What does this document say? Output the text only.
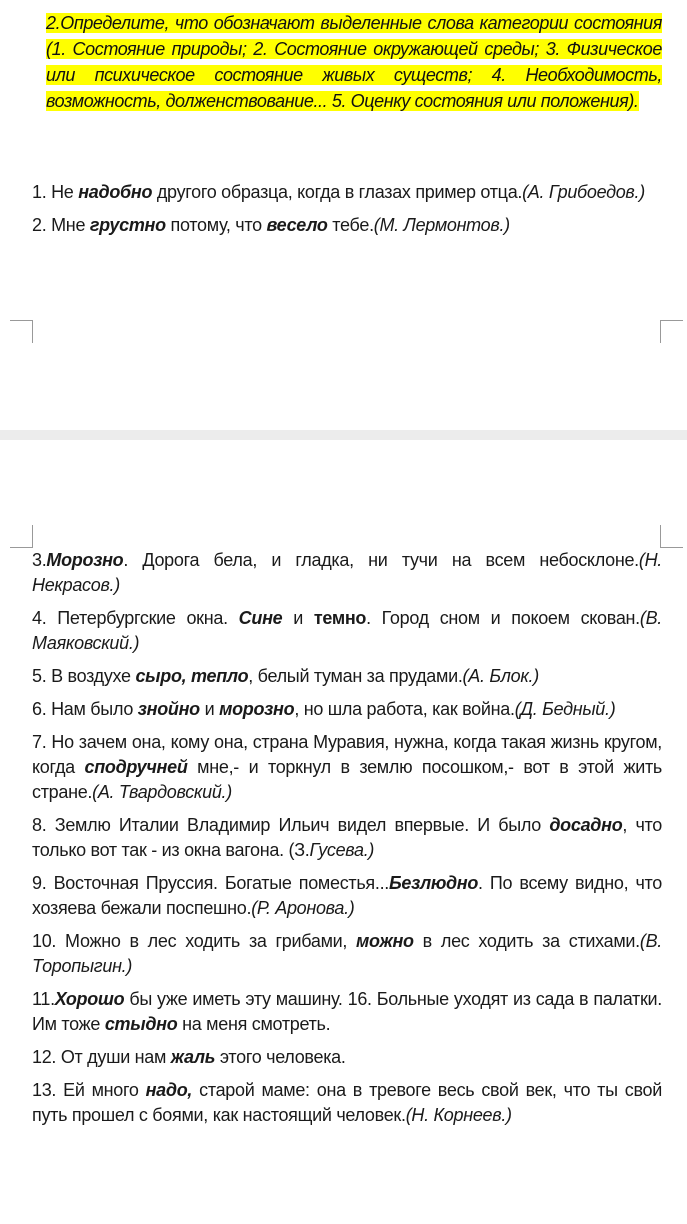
2.Определите, что обозначают выделенные слова категории состояния (1. Состояние природы; 2. Состояние окружающей среды; 3. Физическое или психическое состояние живых существ; 4. Необходимость, возможность, долженствование... 5. Оценку состояния или положения).

1. Не надобно другого образца, когда в глазах пример отца.(А. Грибоедов.)

2. Мне грустно потому, что весело тебе.(М. Лермонтов.)

3.Морозно. Дорога бела, и гладка, ни тучи на всем небосклоне.(Н. Некрасов.)

4. Петербургские окна. Сине и темно. Город сном и покоем скован.(В. Маяковский.)

5. В воздухе сыро, тепло, белый туман за прудами.(А. Блок.)

6. Нам было знойно и морозно, но шла работа, как война.(Д. Бедный.)

7. Но зачем она, кому она, страна Муравия, нужна, когда такая жизнь кругом, когда сподручней мне,- и торкнул в землю посошком,- вот в этой жить стране.(А. Твардовский.)

8. Землю Италии Владимир Ильич видел впервые. И было досадно, что только вот так - из окна вагона. (З.Гусева.)

9. Восточная Пруссия. Богатые поместья...Безлюдно. По всему видно, что хозяева бежали поспешно.(Р. Аронова.)

10. Можно в лес ходить за грибами, можно в лес ходить за стихами.(В. Торопыгин.)

11.Хорошо бы уже иметь эту машину. 16. Больные уходят из сада в палатки. Им тоже стыдно на меня смотреть.

12. От души нам жаль этого человека.

13. Ей много надо, старой маме: она в тревоге весь свой век, что ты свой путь прошел с боями, как настоящий человек.(Н. Корнеев.)
